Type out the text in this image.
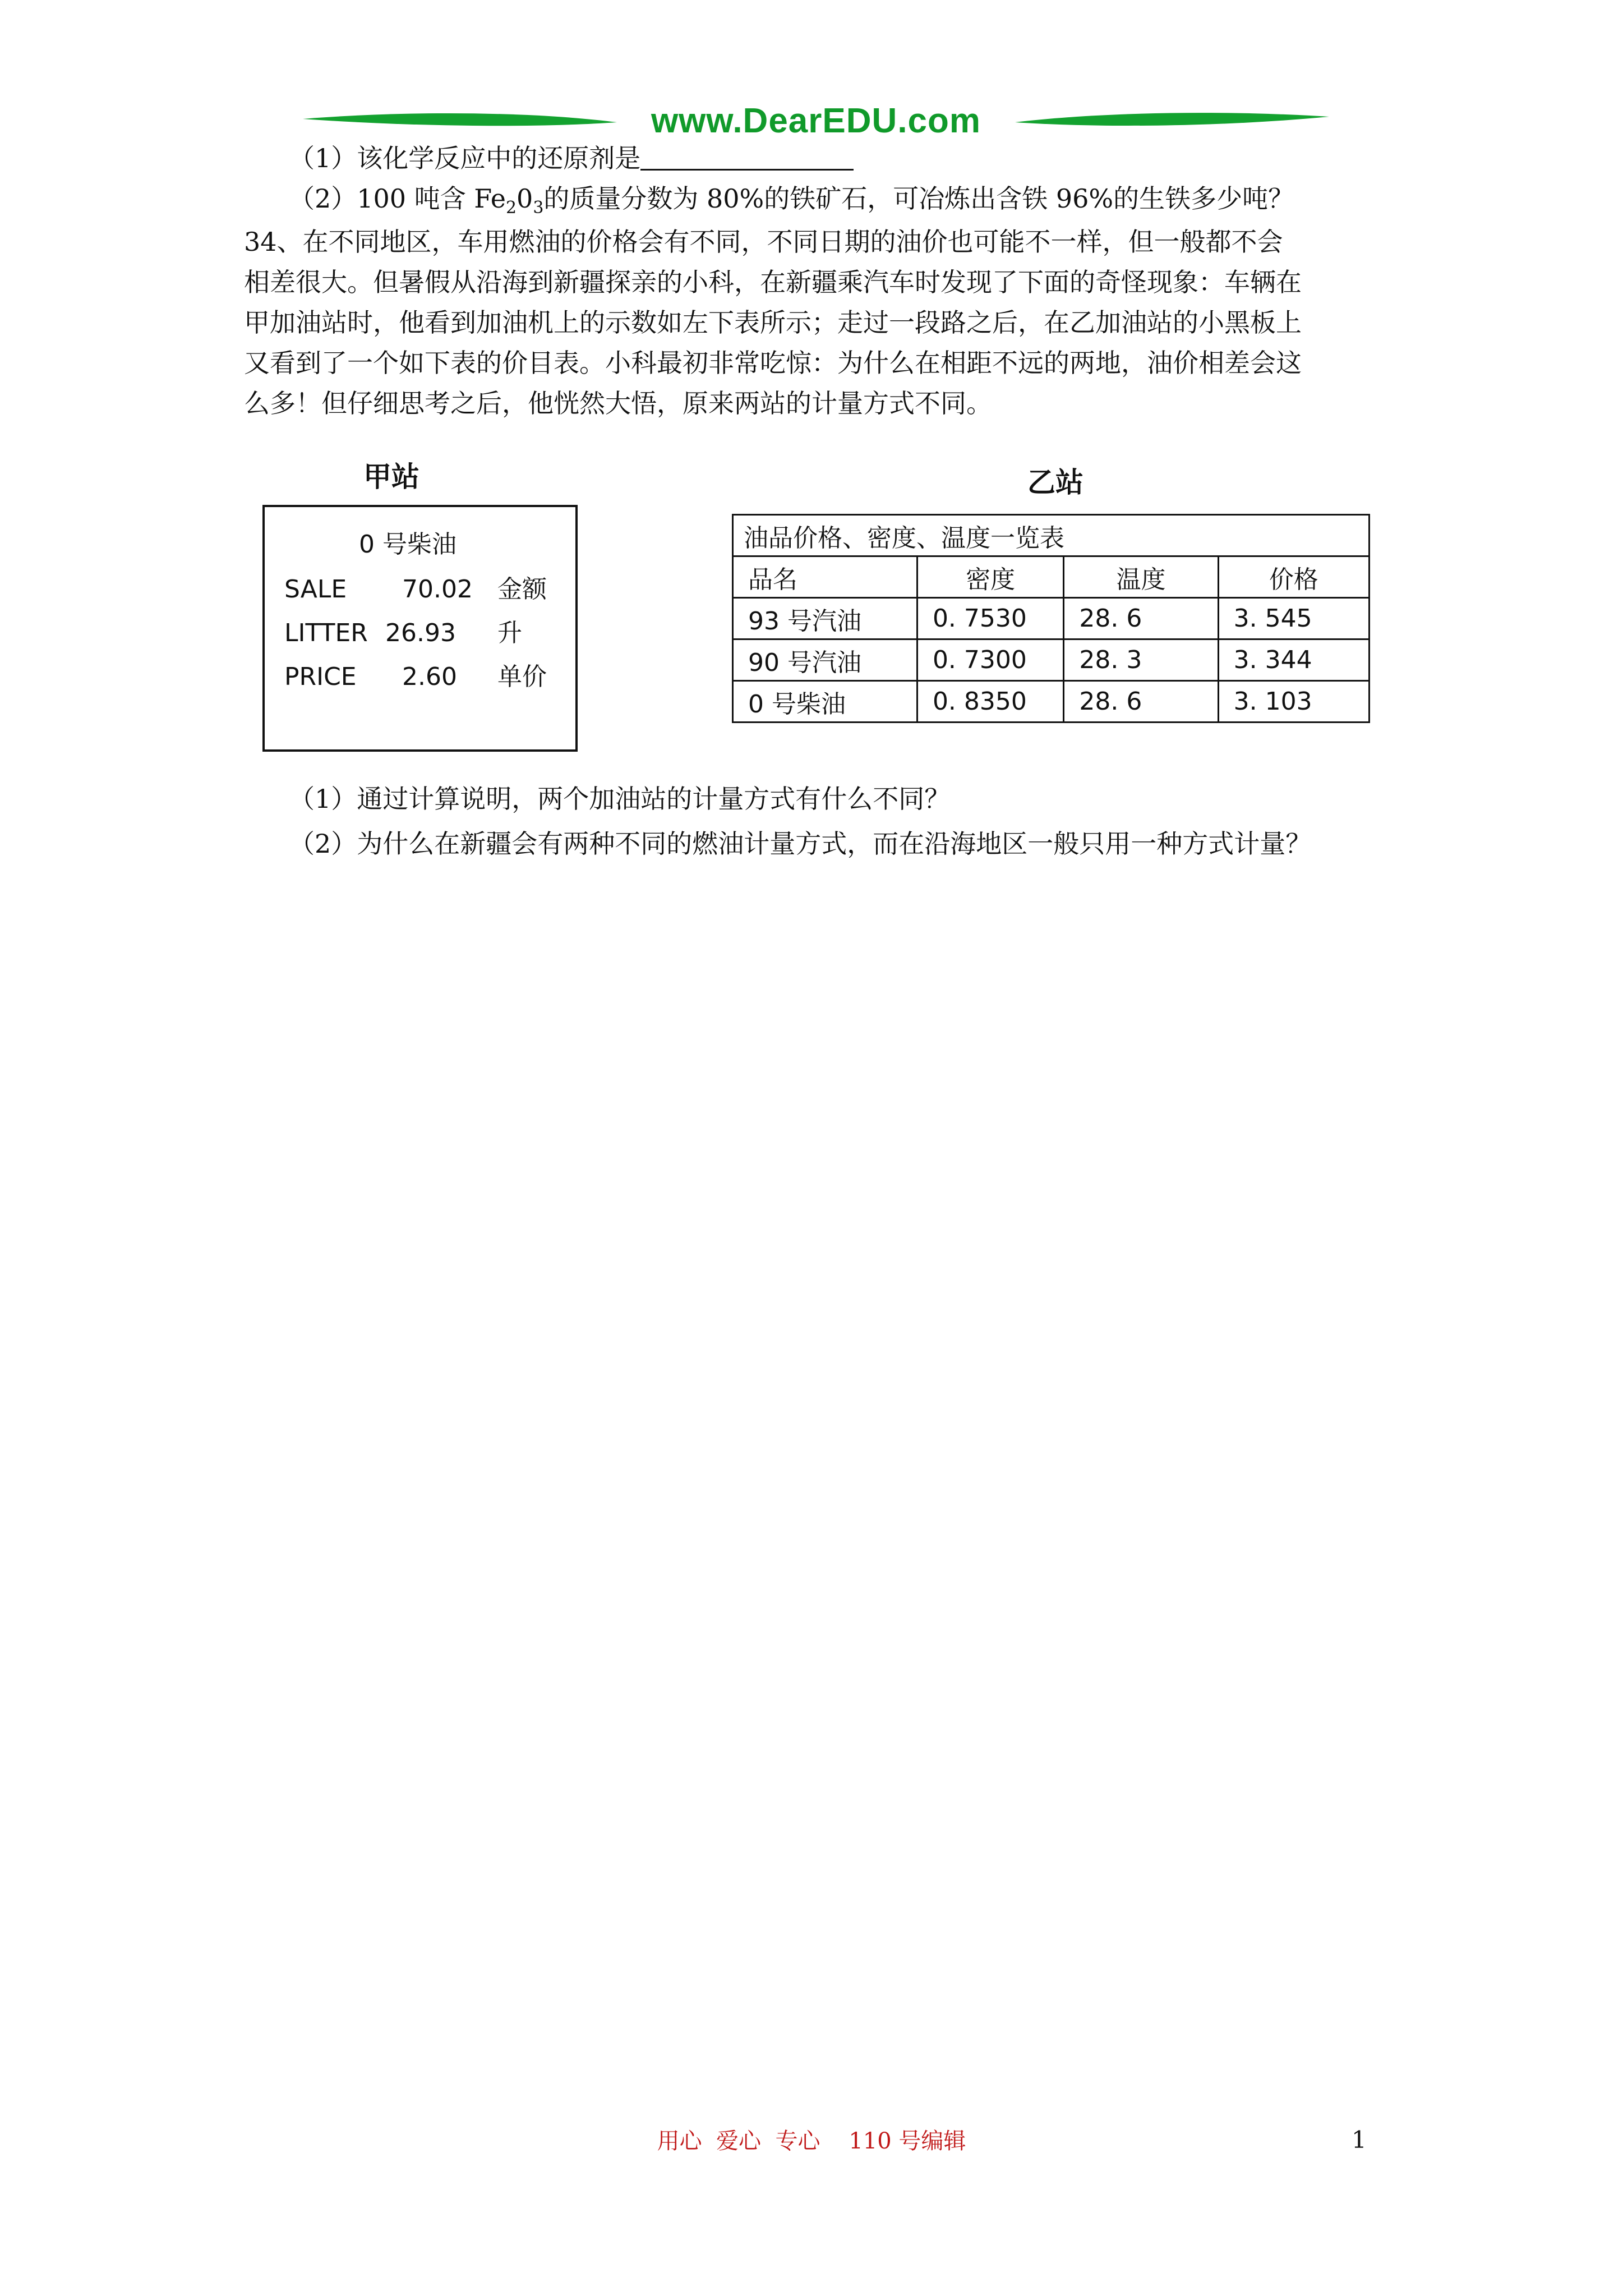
www.DearEDU.com
（1）该化学反应中的还原剂是
（2）100 吨含 $Fe_20_3$的质量分数为 80%的铁矿石，可冶炼出含铁 96%的生铁多少吨？
34、在不同地区，车用燃油的价格会有不同，不同日期的油价也可能不一样，但一般都不会
相差很大。但暑假从沿海到新疆探亲的小科，在新疆乘汽车时发现了下面的奇怪现象：车辆在
甲加油站时，他看到加油机上的示数如左下表所示；走过一段路之后，在乙加油站的小黑板上
又看到了一个如下表的价目表。小科最初非常吃惊：为什么在相距不远的两地，油价相差会这
么多！但仔细思考之后，他恍然大悟，原来两站的计量方式不同。
甲站	乙站
0 号柴油
SALE 70.02 金额
LITTER 26.93 升
PRICE 2.60 单价
油品价格、密度、温度一览表			
品名	密度	温度	价格
93 号汽油	0. 7530	28. 6	3. 545
90 号汽油	0. 7300	28. 3	3. 344
0 号柴油	0. 8350	28. 6	3. 103
（1）通过计算说明，两个加油站的计量方式有什么不同？
（2）为什么在新疆会有两种不同的燃油计量方式，而在沿海地区一般只用一种方式计量？
用心  爱心  专心    110 号编辑	1
